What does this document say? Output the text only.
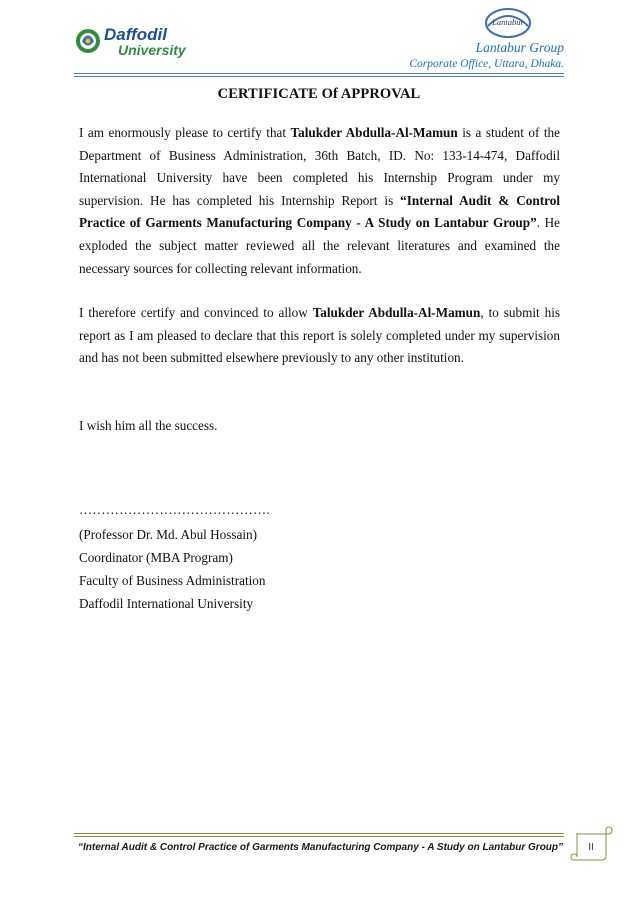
Daffodil
University
Lantabur
Lantabur Group
Corporate Office, Uttara, Dhaka.
CERTIFICATE Of APPROVAL

I am enormously please to certify that Talukder Abdulla-Al-Mamun is a student of the Department of Business Administration, 36th Batch, ID. No: 133-14-474, Daffodil International University have been completed his Internship Program under my supervision. He has completed his Internship Report is “Internal Audit & Control Practice of Garments Manufacturing Company - A Study on Lantabur Group”. He exploded the subject matter reviewed all the relevant literatures and examined the necessary sources for collecting relevant information.

I therefore certify and convinced to allow Talukder Abdulla-Al-Mamun, to submit his report as I am pleased to declare that this report is solely completed under my supervision and has not been submitted elsewhere previously to any other institution.

I wish him all the success.

…………………………………….
(Professor Dr. Md. Abul Hossain)
Coordinator (MBA Program)
Faculty of Business Administration
Daffodil International University
“Internal Audit & Control Practice of Garments Manufacturing Company - A Study on Lantabur Group”	II
